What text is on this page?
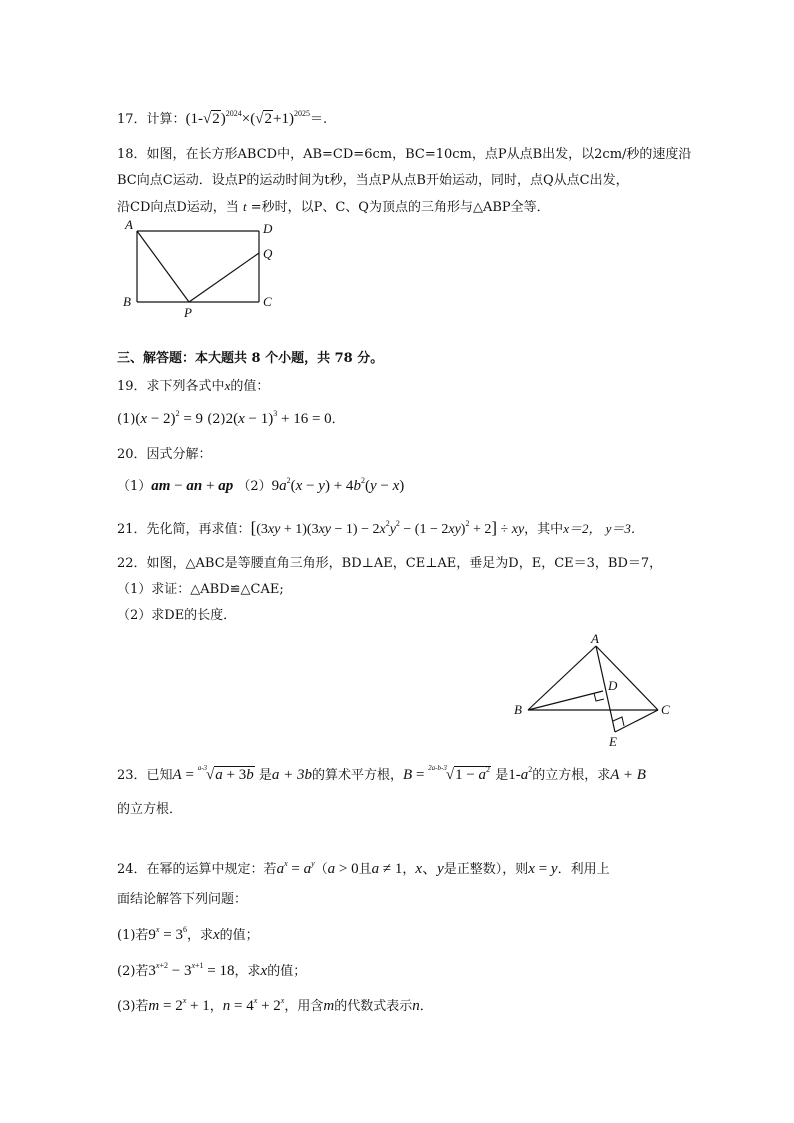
17．计算：$(1-√2)^{2024}\times(√2+1)^{2025}=$.
18．如图，在长方形ABCD中，AB=CD=6cm，BC=10cm，点P从点B出发，以2cm/秒的速度沿
BC向点C运动．设点P的运动时间为t秒，当点P从点B开始运动，同时，点Q从点C出发，
沿CD向点D运动，当 t =秒时，以P、C、Q为顶点的三角形与△ABP全等．
A	D
Q
B
P
C
三、解答题：本大题共 8 个小题，共 78 分。
19．求下列各式中x的值：
$(1)(x - 2)^2 = 9$ $(2)2(x - 1)^3 + 16 = 0$．
20．因式分解：
（1）am − an + ap $(2)9a^2(x - y) + 4b^2(y - x)$
21．先化简，再求值：$[(3xy + 1)(3xy - 1) - 2x^2y^2 - (1 - 2xy)^2 + 2]$ ÷ xy，其中x＝2， y＝3．
22．如图，△ABC是等腰直角三角形，BD⊥AE，CE⊥AE，垂足为D，E，CE＝3，BD＝7，
（1）求证：△ABD≌△CAE;
（2）求DE的长度．
A
B	C
D
E
23．已知A = $^{a-3}$√a + 3b 是a + 3b的算术平方根，$B = ^{2a-b-3}√1 - a^2$ 是$1-a^2$的立方根，求A + B
的立方根．
24．在幂的运算中规定：若$a^x = a^y(a > 0$且a ≠ 1，x、y是正整数），则x = y．利用上
面结论解答下列问题：
(1)若$9^x = 3^6$，求x的值；
(2)若$3^{x+2} - 3^{x+1} = 18$，求x的值；
(3)若$m = 2^x + 1$，$n = 4^x + 2^x$，用含m的代数式表示n．
